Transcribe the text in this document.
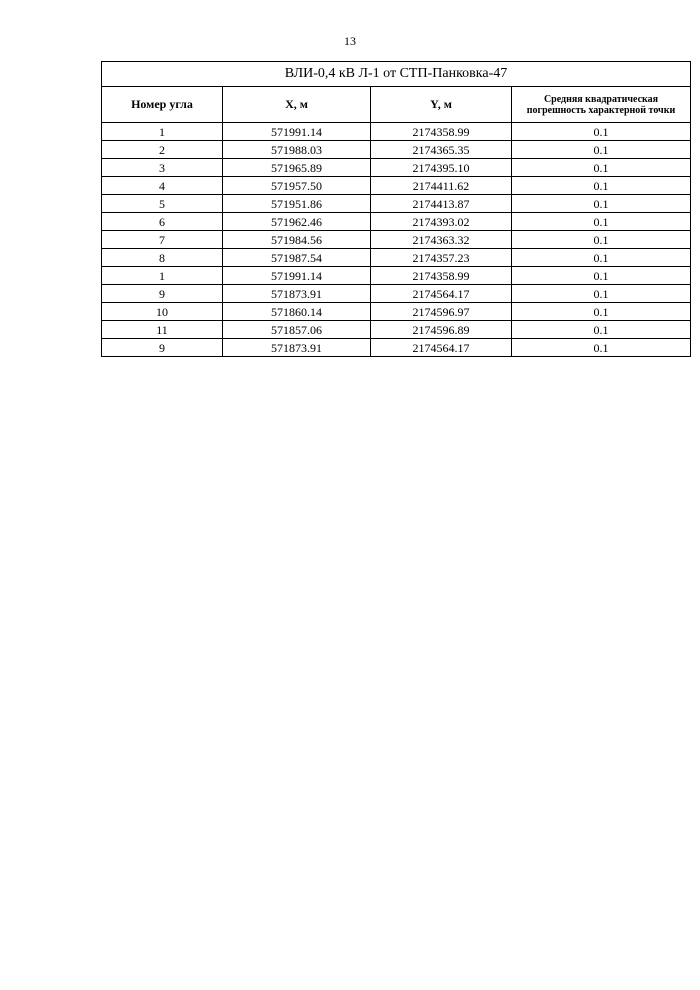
13
ВЛИ-0,4 кВ Л-1 от СТП-Панковка-47			
Номер угла	X, м	Y, м	Средняя квадратическая погрешность характерной точки
1	571991.14	2174358.99	0.1
2	571988.03	2174365.35	0.1
3	571965.89	2174395.10	0.1
4	571957.50	2174411.62	0.1
5	571951.86	2174413.87	0.1
6	571962.46	2174393.02	0.1
7	571984.56	2174363.32	0.1
8	571987.54	2174357.23	0.1
1	571991.14	2174358.99	0.1
9	571873.91	2174564.17	0.1
10	571860.14	2174596.97	0.1
11	571857.06	2174596.89	0.1
9	571873.91	2174564.17	0.1
